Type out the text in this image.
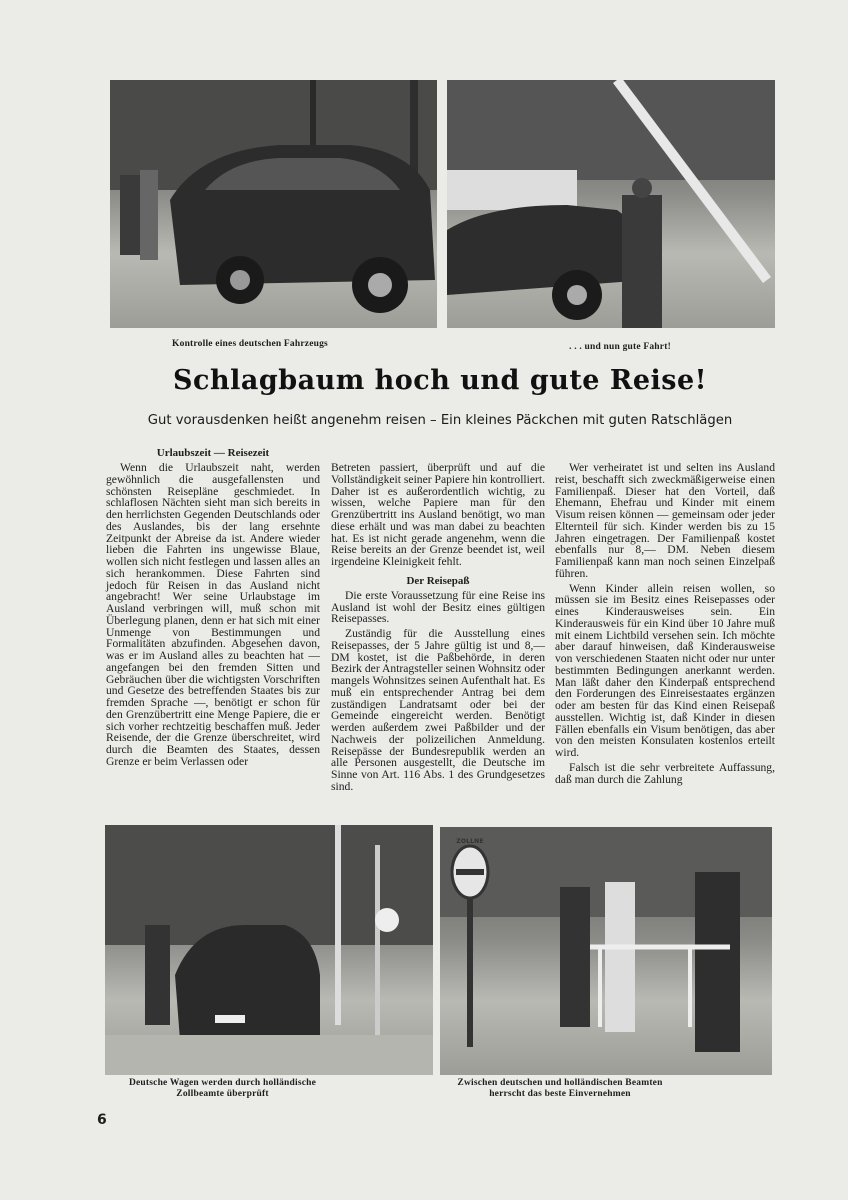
Kontrolle eines deutschen Fahrzeugs	. . . und nun gute Fahrt!
Schlagbaum hoch und gute Reise!
Gut vorausdenken heißt angenehm reisen – Ein kleines Päckchen mit guten Ratschlägen
Urlaubszeit — Reisezeit

Wenn die Urlaubszeit naht, werden gewöhnlich die ausgefallensten und schönsten Reisepläne geschmiedet. In schlaflosen Nächten sieht man sich bereits in den herrlichsten Gegenden Deutschlands oder des Auslandes, bis der lang ersehnte Zeitpunkt der Abreise da ist. Andere wieder lieben die Fahrten ins ungewisse Blaue, wollen sich nicht festlegen und lassen alles an sich herankommen. Diese Fahrten sind jedoch für Reisen in das Ausland nicht angebracht! Wer seine Urlaubstage im Ausland verbringen will, muß schon mit Überlegung planen, denn er hat sich mit einer Unmenge von Bestimmungen und Formalitäten abzufinden. Abgesehen davon, was er im Ausland alles zu beachten hat — angefangen bei den fremden Sitten und Gebräuchen über die wichtigsten Vorschriften und Gesetze des betreffenden Staates bis zur fremden Sprache —, benötigt er schon für den Grenzübertritt eine Menge Papiere, die er sich vorher rechtzeitig beschaffen muß. Jeder Reisende, der die Grenze überschreitet, wird durch die Beamten des Staates, dessen Grenze er beim Verlassen oder

Betreten passiert, überprüft und auf die Vollständigkeit seiner Papiere hin kontrolliert. Daher ist es außerordentlich wichtig, zu wissen, welche Papiere man für den Grenzübertritt ins Ausland benötigt, wo man diese erhält und was man dabei zu beachten hat. Es ist nicht gerade angenehm, wenn die Reise bereits an der Grenze beendet ist, weil irgendeine Kleinigkeit fehlt.

Der Reisepaß

Die erste Voraussetzung für eine Reise ins Ausland ist wohl der Besitz eines gültigen Reisepasses.

Zuständig für die Ausstellung eines Reisepasses, der 5 Jahre gültig ist und 8,— DM kostet, ist die Paßbehörde, in deren Bezirk der Antragsteller seinen Wohnsitz oder mangels Wohnsitzes seinen Aufenthalt hat. Es muß ein entsprechender Antrag bei dem zuständigen Landratsamt oder bei der Gemeinde eingereicht werden. Benötigt werden außerdem zwei Paßbilder und der Nachweis der polizeilichen Anmeldung. Reisepässe der Bundesrepublik werden an alle Personen ausgestellt, die Deutsche im Sinne von Art. 116 Abs. 1 des Grundgesetzes sind.

Wer verheiratet ist und selten ins Ausland reist, beschafft sich zweckmäßigerweise einen Familienpaß. Dieser hat den Vorteil, daß Ehemann, Ehefrau und Kinder mit einem Visum reisen können — gemeinsam oder jeder Elternteil für sich. Kinder werden bis zu 15 Jahren eingetragen. Der Familienpaß kostet ebenfalls nur 8,— DM. Neben diesem Familienpaß kann man noch seinen Einzelpaß führen.

Wenn Kinder allein reisen wollen, so müssen sie im Besitz eines Reisepasses oder eines Kinderausweises sein. Ein Kinderausweis für ein Kind über 10 Jahre muß mit einem Lichtbild versehen sein. Ich möchte aber darauf hinweisen, daß Kinderausweise von verschiedenen Staaten nicht oder nur unter bestimmten Bedingungen anerkannt werden. Man läßt daher den Kinderpaß entsprechend den Forderungen des Einreisestaates ergänzen oder am besten für das Kind einen Reisepaß ausstellen. Wichtig ist, daß Kinder in diesen Fällen ebenfalls ein Visum benötigen, das aber von den meisten Konsulaten kostenlos erteilt wird.

Falsch ist die sehr verbreitete Auffassung, daß man durch die Zahlung

ZOLLNE
Deutsche Wagen werden durch holländische Zollbeamte überprüft
Zwischen deutschen und holländischen Beamten herrscht das beste Einvernehmen
6
